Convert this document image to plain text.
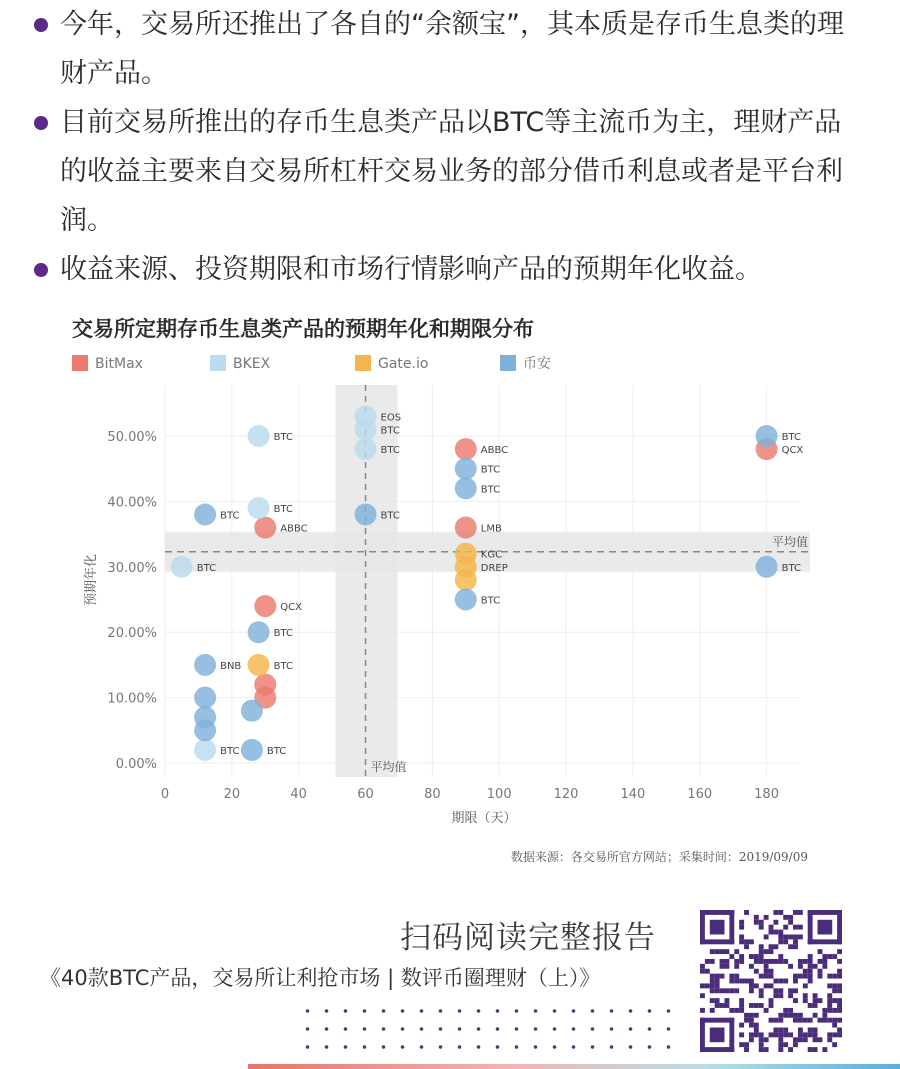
今年，交易所还推出了各自的“余额宝”，其本质是存币生息类的理财产品。
目前交易所推出的存币生息类产品以BTC等主流币为主，理财产品的收益主要来自交易所杠杆交易业务的部分借币利息或者是平台利润。
收益来源、投资期限和市场行情影响产品的预期年化收益。
交易所定期存币生息类产品的预期年化和期限分布
BitMax	BKEX	Gate.io	币安
平均值
平均值
0.00%
10.00%
20.00%
30.00%
40.00%
50.00%
0	20	40	60	80	100	120	140	160	180
ABBC
QCX
ABBC
LMB
QCX
BTC
BTC
EOS
BTC
BTC
BTC
BTC
KGC
DREP
BTC
BTC	BTC
BTC
BTC
BTC
BTC
BNB
BTC
BTC
BTC
预期年化
期限（天）
数据来源：各交易所官方网站；采集时间：2019/09/09
扫码阅读完整报告
《40款BTC产品，交易所让利抢市场 | 数评币圈理财（上）》
